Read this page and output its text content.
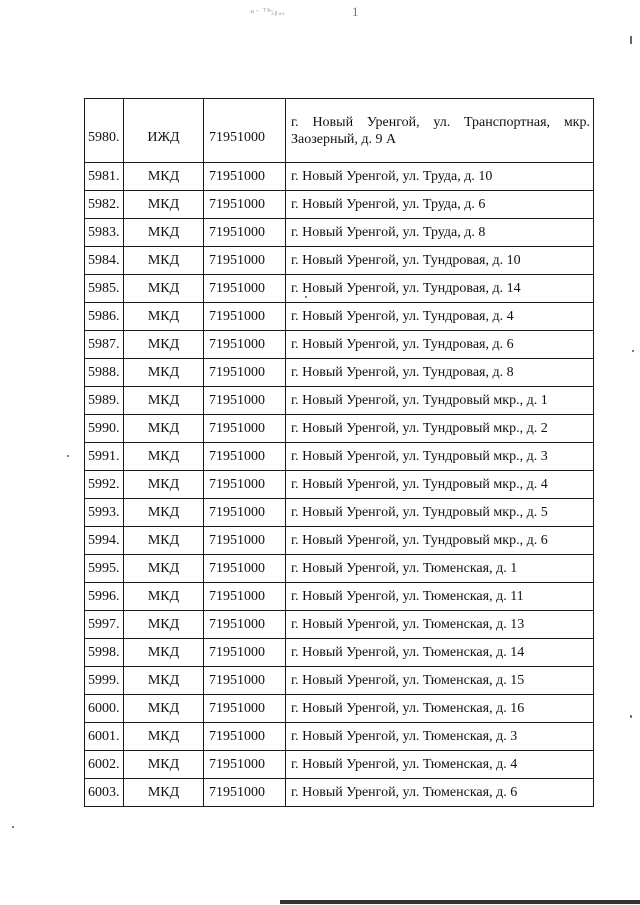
«· ᵀᴱ̶ₐᵦᵤₑ	1
5980.	ИЖД	71951000	г. Новый Уренгой, ул. Транспортная, мкр. Заозерный, д. 9 А
5981.	МКД	71951000	г. Новый Уренгой, ул. Труда, д. 10
5982.	МКД	71951000	г. Новый Уренгой, ул. Труда, д. 6
5983.	МКД	71951000	г. Новый Уренгой, ул. Труда, д. 8
5984.	МКД	71951000	г. Новый Уренгой, ул. Тундровая, д. 10
5985.	МКД	71951000	г. Новый Уренгой, ул. Тундровая, д. 14
5986.	МКД	71951000	г. Новый Уренгой, ул. Тундровая, д. 4
5987.	МКД	71951000	г. Новый Уренгой, ул. Тундровая, д. 6
5988.	МКД	71951000	г. Новый Уренгой, ул. Тундровая, д. 8
5989.	МКД	71951000	г. Новый Уренгой, ул. Тундровый мкр., д. 1
5990.	МКД	71951000	г. Новый Уренгой, ул. Тундровый мкр., д. 2
5991.	МКД	71951000	г. Новый Уренгой, ул. Тундровый мкр., д. 3
5992.	МКД	71951000	г. Новый Уренгой, ул. Тундровый мкр., д. 4
5993.	МКД	71951000	г. Новый Уренгой, ул. Тундровый мкр., д. 5
5994.	МКД	71951000	г. Новый Уренгой, ул. Тундровый мкр., д. 6
5995.	МКД	71951000	г. Новый Уренгой, ул. Тюменская, д. 1
5996.	МКД	71951000	г. Новый Уренгой, ул. Тюменская, д. 11
5997.	МКД	71951000	г. Новый Уренгой, ул. Тюменская, д. 13
5998.	МКД	71951000	г. Новый Уренгой, ул. Тюменская, д. 14
5999.	МКД	71951000	г. Новый Уренгой, ул. Тюменская, д. 15
6000.	МКД	71951000	г. Новый Уренгой, ул. Тюменская, д. 16
6001.	МКД	71951000	г. Новый Уренгой, ул. Тюменская, д. 3
6002.	МКД	71951000	г. Новый Уренгой, ул. Тюменская, д. 4
6003.	МКД	71951000	г. Новый Уренгой, ул. Тюменская, д. 6
